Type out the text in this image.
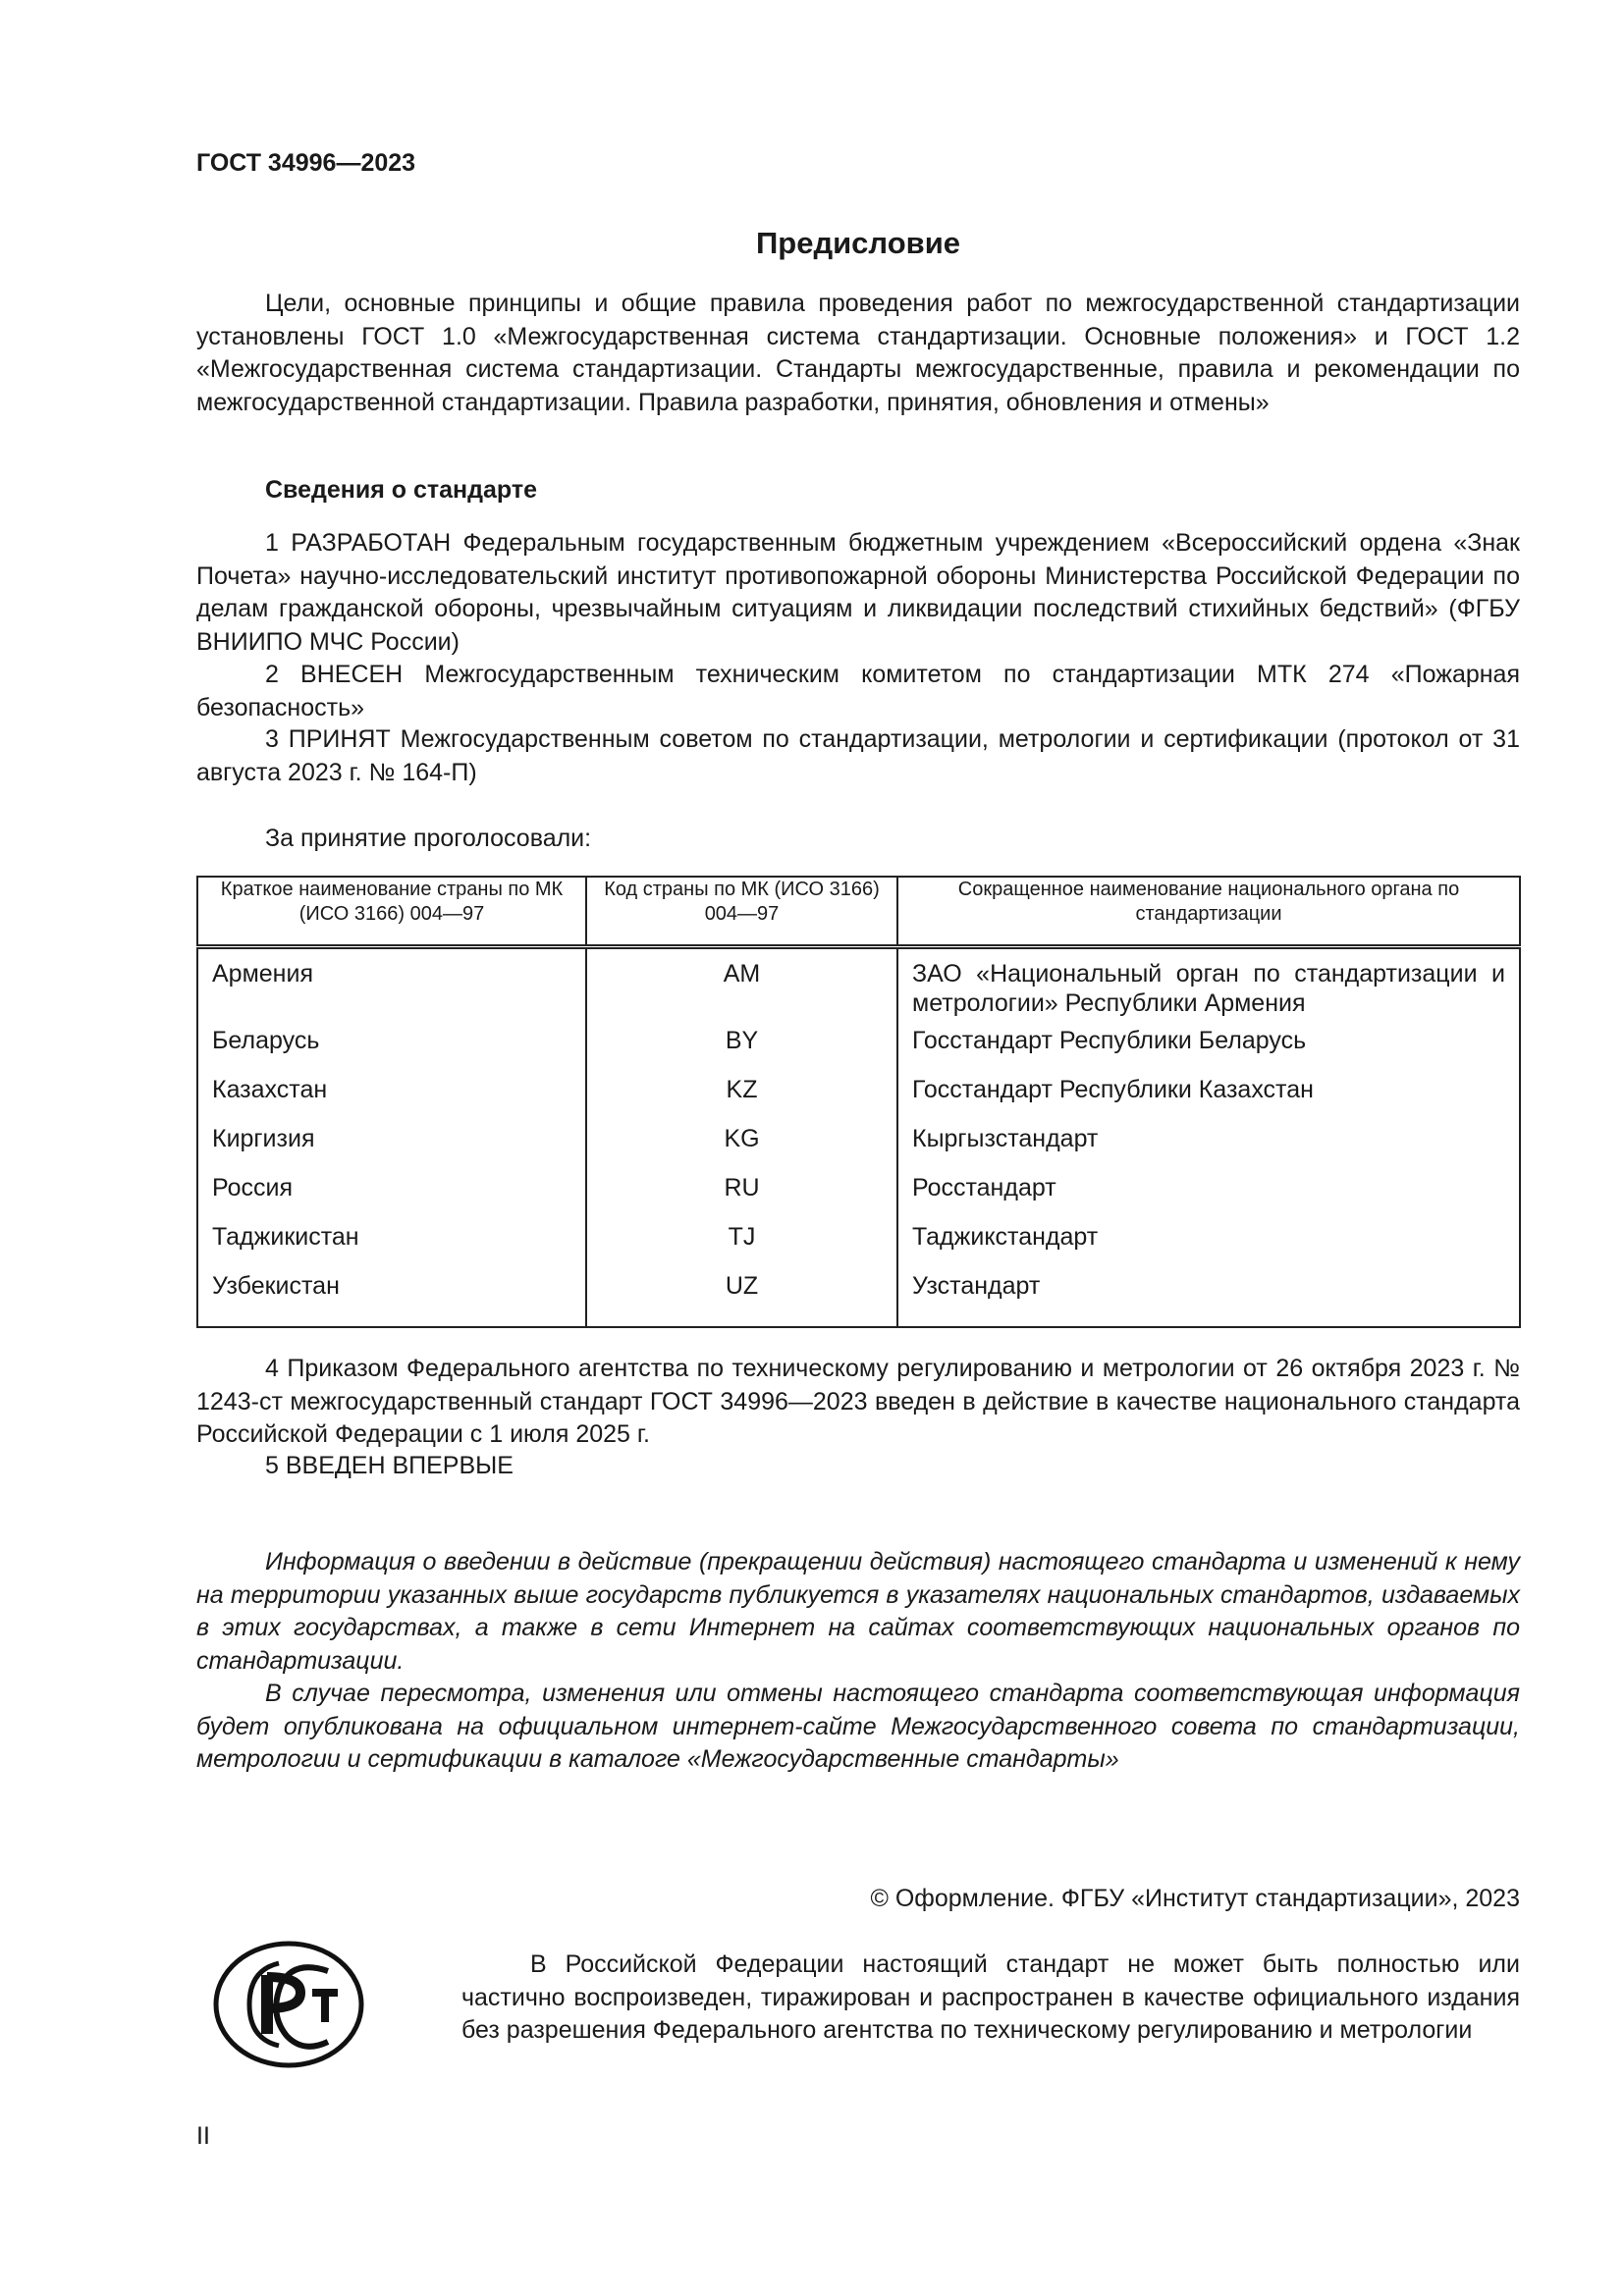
ГОСТ 34996—2023
Предисловие
Цели, основные принципы и общие правила проведения работ по межгосударственной стандартизации установлены ГОСТ 1.0 «Межгосударственная система стандартизации. Основные положения» и ГОСТ 1.2 «Межгосударственная система стандартизации. Стандарты межгосударственные, правила и рекомендации по межгосударственной стандартизации. Правила разработки, принятия, обновления и отмены»
Сведения о стандарте
1 РАЗРАБОТАН Федеральным государственным бюджетным учреждением «Всероссийский ордена «Знак Почета» научно-исследовательский институт противопожарной обороны Министерства Российской Федерации по делам гражданской обороны, чрезвычайным ситуациям и ликвидации последствий стихийных бедствий» (ФГБУ ВНИИПО МЧС России)
2 ВНЕСЕН Межгосударственным техническим комитетом по стандартизации МТК 274 «Пожарная безопасность»
3 ПРИНЯТ Межгосударственным советом по стандартизации, метрологии и сертификации (протокол от 31 августа 2023 г. № 164-П)
За принятие проголосовали:
Краткое наименование страны по МК (ИСО 3166) 004—97	Код страны по МК (ИСО 3166) 004—97	Сокращенное наименование национального органа по стандартизации
Армения	AM	ЗАО «Национальный орган по стандартизации и метрологии» Республики Армения
Беларусь	BY	Госстандарт Республики Беларусь
Казахстан	KZ	Госстандарт Республики Казахстан
Киргизия	KG	Кыргызстандарт
Россия	RU	Росстандарт
Таджикистан	TJ	Таджикстандарт
Узбекистан	UZ	Узстандарт
4 Приказом Федерального агентства по техническому регулированию и метрологии от 26 октября 2023 г. № 1243-ст межгосударственный стандарт ГОСТ 34996—2023 введен в действие в качестве национального стандарта Российской Федерации с 1 июля 2025 г.
5 ВВЕДЕН ВПЕРВЫЕ
Информация о введении в действие (прекращении действия) настоящего стандарта и изменений к нему на территории указанных выше государств публикуется в указателях национальных стандартов, издаваемых в этих государствах, а также в сети Интернет на сайтах соответствующих национальных органов по стандартизации.
В случае пересмотра, изменения или отмены настоящего стандарта соответствующая информация будет опубликована на официальном интернет-сайте Межгосударственного совета по стандартизации, метрологии и сертификации в каталоге «Межгосударственные стандарты»
© Оформление. ФГБУ «Институт стандартизации», 2023
В Российской Федерации настоящий стандарт не может быть полностью или частично воспроизведен, тиражирован и распространен в качестве официального издания без разрешения Федерального агентства по техническому регулированию и метрологии
II
